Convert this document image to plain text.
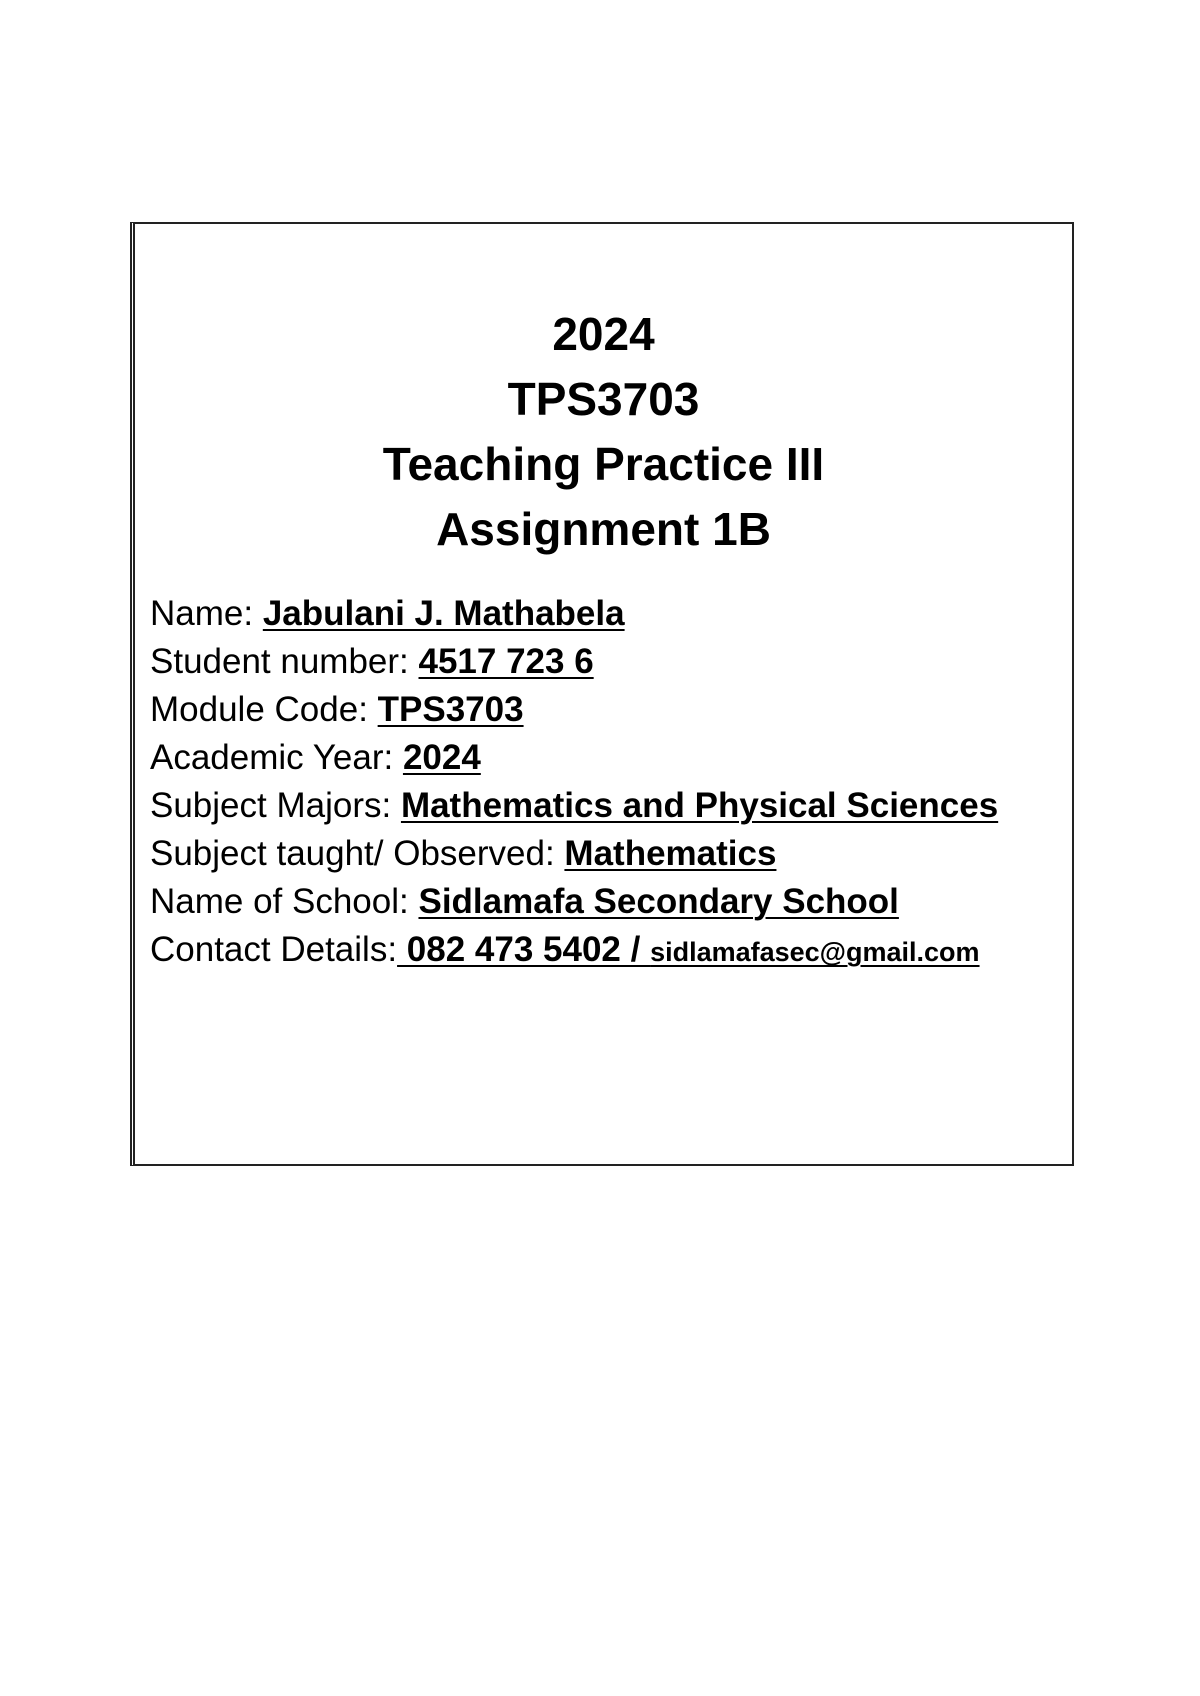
2024

TPS3703

Teaching Practice III

Assignment 1B

Name: Jabulani J. Mathabela

Student number: 4517 723 6

Module Code: TPS3703

Academic Year: 2024

Subject Majors: Mathematics and Physical Sciences

Subject taught/ Observed: Mathematics

Name of School: Sidlamafa Secondary School

Contact Details: 082 473 5402 / sidlamafasec@gmail.com
